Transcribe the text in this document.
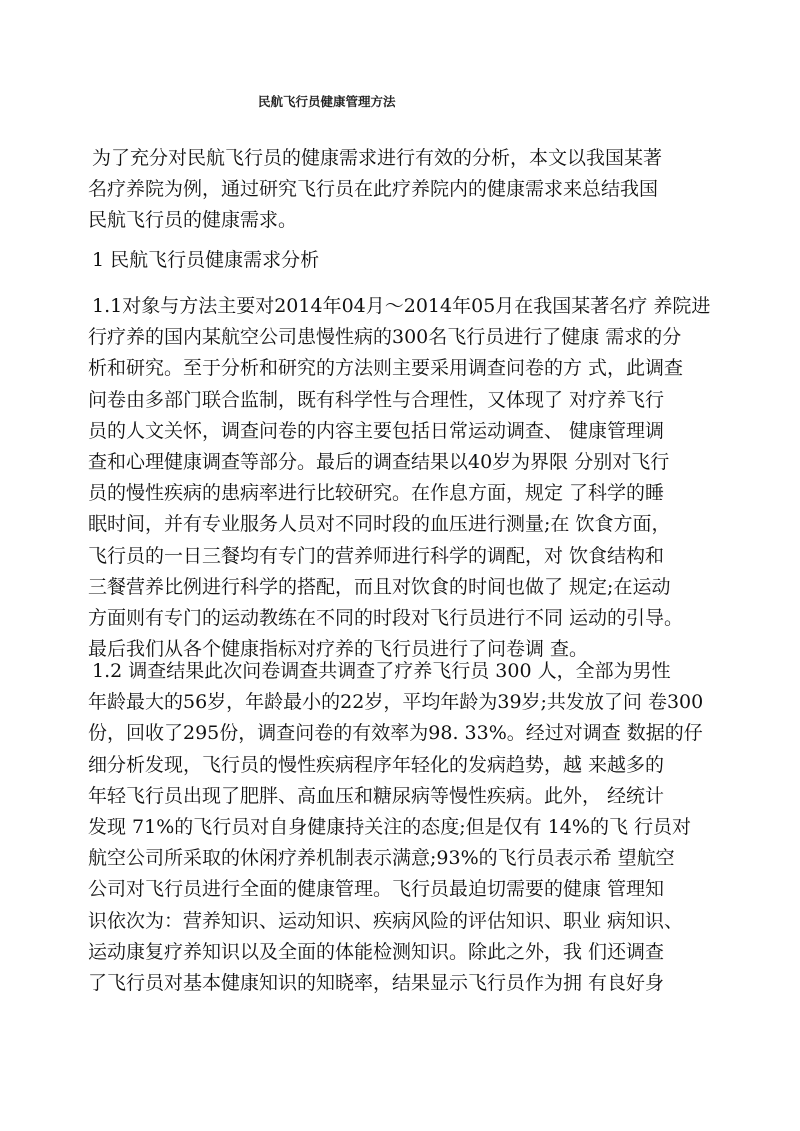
民航飞行员健康管理方法
为了充分对民航飞行员的健康需求进行有效的分析，本文以我国某著
名疗养院为例，通过研究飞行员在此疗养院内的健康需求来总结我国
民航飞行员的健康需求。
1 民航飞行员健康需求分析
1.1对象与方法主要对2014年04月～2014年05月在我国某著名疗 养院进
行疗养的国内某航空公司患慢性病的300名飞行员进行了健康 需求的分
析和研究。至于分析和研究的方法则主要采用调查问卷的方 式，此调查
问卷由多部门联合监制，既有科学性与合理性，又体现了 对疗养飞行
员的人文关怀，调查问卷的内容主要包括日常运动调查、 健康管理调
查和心理健康调查等部分。最后的调查结果以40岁为界限 分别对飞行
员的慢性疾病的患病率进行比较研究。在作息方面，规定 了科学的睡
眠时间，并有专业服务人员对不同时段的血压进行测量;在 饮食方面，
飞行员的一日三餐均有专门的营养师进行科学的调配，对 饮食结构和
三餐营养比例进行科学的搭配，而且对饮食的时间也做了 规定;在运动
方面则有专门的运动教练在不同的时段对飞行员进行不同 运动的引导。
最后我们从各个健康指标对疗养的飞行员进行了问卷调 查。
1.2 调查结果此次问卷调查共调查了疗养飞行员 300 人，全部为男性
年龄最大的56岁，年龄最小的22岁，平均年龄为39岁;共发放了问 卷300
份，回收了295份，调查问卷的有效率为98. 33%。经过对调查 数据的仔
细分析发现，飞行员的慢性疾病程序年轻化的发病趋势，越 来越多的
年轻飞行员出现了肥胖、高血压和糖尿病等慢性疾病。此外， 经统计
发现 71%的飞行员对自身健康持关注的态度;但是仅有 14%的飞 行员对
航空公司所采取的休闲疗养机制表示满意;93%的飞行员表示希 望航空
公司对飞行员进行全面的健康管理。飞行员最迫切需要的健康 管理知
识依次为：营养知识、运动知识、疾病风险的评估知识、职业 病知识、
运动康复疗养知识以及全面的体能检测知识。除此之外，我 们还调查
了飞行员对基本健康知识的知晓率，结果显示飞行员作为拥 有良好身
